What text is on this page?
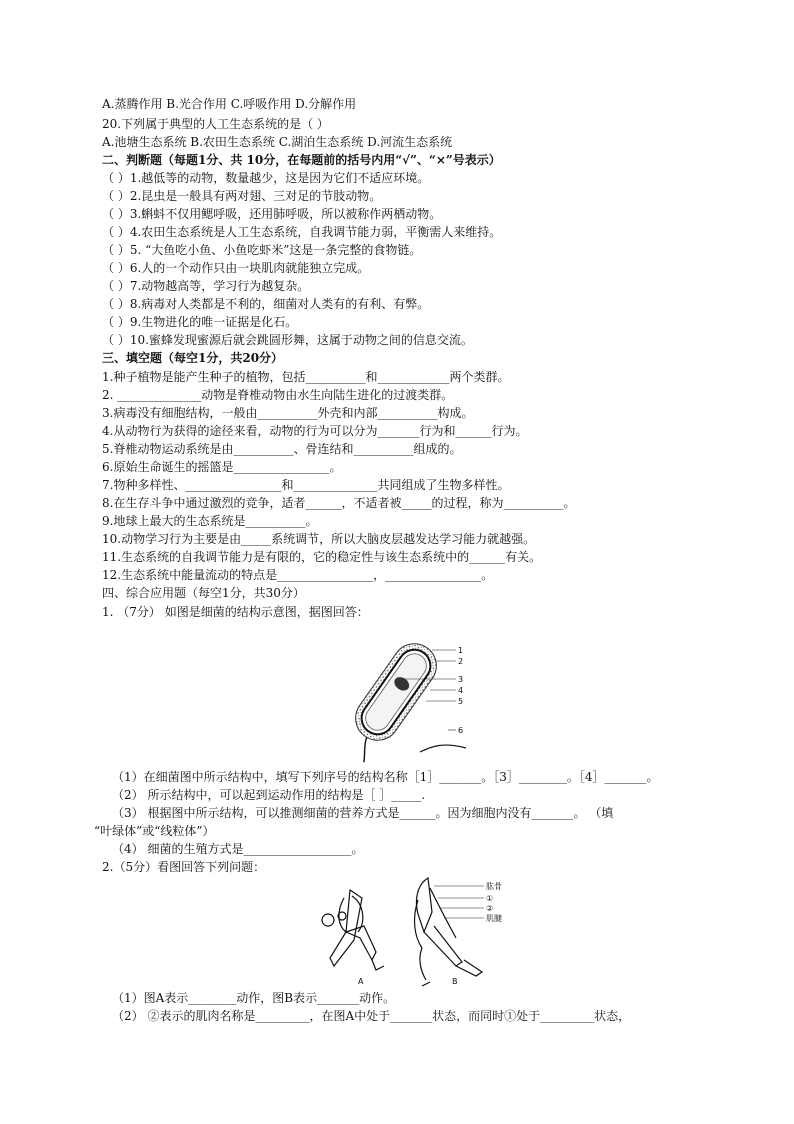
A.蒸腾作用 B.光合作用 C.呼吸作用 D.分解作用
20.下列属于典型的人工生态系统的是（ ）
A.池塘生态系统 B.农田生态系统 C.湖泊生态系统 D.河流生态系统
二、判断题（每题1分、共 10分，在每题前的括号内用“√”、“×”号表示）
（ ）1.越低等的动物，数量越少，这是因为它们不适应环境。
（ ）2.昆虫是一般具有两对翅、三对足的节肢动物。
（ ）3.蝌蚪不仅用鳃呼吸，还用肺呼吸，所以被称作两栖动物。
（ ）4.农田生态系统是人工生态系统，自我调节能力弱，平衡需人来维持。
（ ）5. “大鱼吃小鱼、小鱼吃虾米”这是一条完整的食物链。
（ ）6.人的一个动作只由一块肌肉就能独立完成。
（ ）7.动物越高等，学习行为越复杂。
（ ）8.病毒对人类都是不利的，细菌对人类有的有利、有弊。
（ ）9.生物进化的唯一证据是化石。
（ ）10.蜜蜂发现蜜源后就会跳圆形舞，这属于动物之间的信息交流。
三、填空题（每空1分，共20分）
1.种子植物是能产生种子的植物，包括__________和____________两个类群。
2. ______________动物是脊椎动物由水生向陆生进化的过渡类群。
3.病毒没有细胞结构，一般由__________外壳和内部__________构成。
4.从动物行为获得的途径来看，动物的行为可以分为_______行为和______行为。
5.脊椎动物运动系统是由__________、骨连结和__________组成的。
6.原始生命诞生的摇篮是________________。
7.物种多样性、________________和______________共同组成了生物多样性。
8.在生存斗争中通过激烈的竞争，适者______，不适者被_____的过程，称为__________。
9.地球上最大的生态系统是__________。
10.动物学习行为主要是由_____系统调节，所以大脑皮层越发达学习能力就越强。
11.生态系统的自我调节能力是有限的，它的稳定性与该生态系统中的______有关。
12.生态系统中能量流动的特点是________________，________________。
四、综合应用题（每空1分，共30分）
1. （7分） 如图是细菌的结构示意图，据图回答：
1
2
3
4
5
6
（1）在细菌图中所示结构中，填写下列序号的结构名称［1］_______。［3］________。［4］_______。
（2） 所示结构中，可以起到运动作用的结构是［ ］_____.
（3） 根据图中所示结构，可以推测细菌的营养方式是______。因为细胞内没有_______。 （填
“叶绿体”或“线粒体”）
（4） 细菌的生殖方式是__________________。
2.（5分）看图回答下列问题：
A	B
肱骨
①
②
肌腱
（1）图A表示________动作，图B表示_______动作。
（2） ②表示的肌肉名称是_________，在图A中处于_______状态，而同时①处于_________状态，
